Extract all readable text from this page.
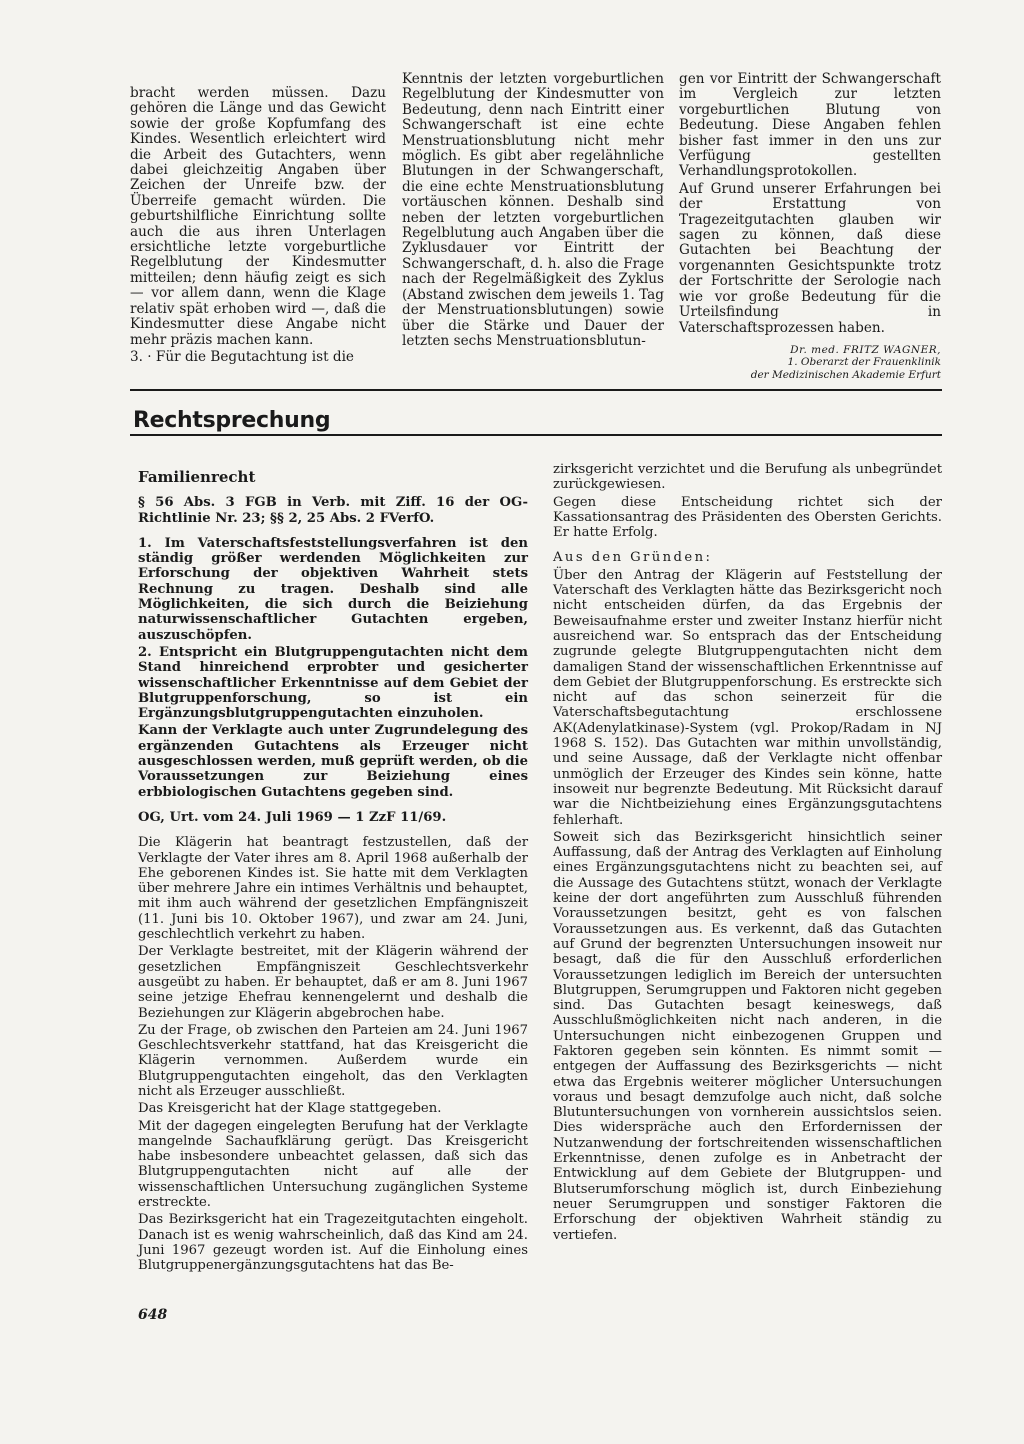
bracht werden müssen. Dazu gehören die Länge und das Gewicht sowie der große Kopfumfang des Kindes. Wesentlich erleichtert wird die Arbeit des Gutachters, wenn dabei gleichzeitig Angaben über Zeichen der Unreife bzw. der Überreife gemacht würden. Die geburtshilfliche Einrichtung sollte auch die aus ihren Unterlagen ersichtliche letzte vorgeburtliche Regelblutung der Kindesmutter mitteilen; denn häufig zeigt es sich — vor allem dann, wenn die Klage relativ spät erhoben wird —, daß die Kindesmutter diese Angabe nicht mehr präzis machen kann.

3. · Für die Begutachtung ist die

Kenntnis der letzten vorgeburtlichen Regelblutung der Kindesmutter von Bedeutung, denn nach Eintritt einer Schwangerschaft ist eine echte Menstruationsblutung nicht mehr möglich. Es gibt aber regelähnliche Blutungen in der Schwangerschaft, die eine echte Menstruationsblutung vortäuschen können. Deshalb sind neben der letzten vorgeburtlichen Regelblutung auch Angaben über die Zyklusdauer vor Eintritt der Schwangerschaft, d. h. also die Frage nach der Regelmäßigkeit des Zyklus (Abstand zwischen dem jeweils 1. Tag der Menstruationsblutungen) sowie über die Stärke und Dauer der letzten sechs Menstruationsblutun-

gen vor Eintritt der Schwangerschaft im Vergleich zur letzten vorgeburtlichen Blutung von Bedeutung. Diese Angaben fehlen bisher fast immer in den uns zur Verfügung gestellten Verhandlungsprotokollen.

Auf Grund unserer Erfahrungen bei der Erstattung von Tragezeitgutachten glauben wir sagen zu können, daß diese Gutachten bei Beachtung der vorgenannten Gesichtspunkte trotz der Fortschritte der Serologie nach wie vor große Bedeutung für die Urteilsfindung in Vaterschaftsprozessen haben.

Dr. med. FRITZ WAGNER,
1. Oberarzt der Frauenklinik
der Medizinischen Akademie Erfurt
Rechtsprechung

Familienrecht

§ 56 Abs. 3 FGB in Verb. mit Ziff. 16 der OG-Richtlinie Nr. 23; §§ 2, 25 Abs. 2 FVerfO.

1. Im Vaterschaftsfeststellungsverfahren ist den ständig größer werdenden Möglichkeiten zur Erforschung der objektiven Wahrheit stets Rechnung zu tragen. Deshalb sind alle Möglichkeiten, die sich durch die Beiziehung naturwissenschaftlicher Gutachten ergeben, auszuschöpfen.

2. Entspricht ein Blutgruppengutachten nicht dem Stand hinreichend erprobter und gesicherter wissenschaftlicher Erkenntnisse auf dem Gebiet der Blutgruppenforschung, so ist ein Ergänzungsblutgruppengutachten einzuholen.

Kann der Verklagte auch unter Zugrundelegung des ergänzenden Gutachtens als Erzeuger nicht ausgeschlossen werden, muß geprüft werden, ob die Voraussetzungen zur Beiziehung eines erbbiologischen Gutachtens gegeben sind.

OG, Urt. vom 24. Juli 1969 — 1 ZzF 11/69.

Die Klägerin hat beantragt festzustellen, daß der Verklagte der Vater ihres am 8. April 1968 außerhalb der Ehe geborenen Kindes ist. Sie hatte mit dem Verklagten über mehrere Jahre ein intimes Verhältnis und behauptet, mit ihm auch während der gesetzlichen Empfängniszeit (11. Juni bis 10. Oktober 1967), und zwar am 24. Juni, geschlechtlich verkehrt zu haben.

Der Verklagte bestreitet, mit der Klägerin während der gesetzlichen Empfängniszeit Geschlechtsverkehr ausgeübt zu haben. Er behauptet, daß er am 8. Juni 1967 seine jetzige Ehefrau kennengelernt und deshalb die Beziehungen zur Klägerin abgebrochen habe.

Zu der Frage, ob zwischen den Parteien am 24. Juni 1967 Geschlechtsverkehr stattfand, hat das Kreisgericht die Klägerin vernommen. Außerdem wurde ein Blutgruppengutachten eingeholt, das den Verklagten nicht als Erzeuger ausschließt.

Das Kreisgericht hat der Klage stattgegeben.

Mit der dagegen eingelegten Berufung hat der Verklagte mangelnde Sachaufklärung gerügt. Das Kreisgericht habe insbesondere unbeachtet gelassen, daß sich das Blutgruppengutachten nicht auf alle der wissenschaftlichen Untersuchung zugänglichen Systeme erstreckte.

Das Bezirksgericht hat ein Tragezeitgutachten eingeholt. Danach ist es wenig wahrscheinlich, daß das Kind am 24. Juni 1967 gezeugt worden ist. Auf die Einholung eines Blutgruppenergänzungsgutachtens hat das Be-

zirksgericht verzichtet und die Berufung als unbegründet zurückgewiesen.

Gegen diese Entscheidung richtet sich der Kassationsantrag des Präsidenten des Obersten Gerichts. Er hatte Erfolg.

Aus den Gründen:

Über den Antrag der Klägerin auf Feststellung der Vaterschaft des Verklagten hätte das Bezirksgericht noch nicht entscheiden dürfen, da das Ergebnis der Beweisaufnahme erster und zweiter Instanz hierfür nicht ausreichend war. So entsprach das der Entscheidung zugrunde gelegte Blutgruppengutachten nicht dem damaligen Stand der wissenschaftlichen Erkenntnisse auf dem Gebiet der Blutgruppenforschung. Es erstreckte sich nicht auf das schon seinerzeit für die Vaterschaftsbegutachtung erschlossene AK(Adenylatkinase)-System (vgl. Prokop/Radam in NJ 1968 S. 152). Das Gutachten war mithin unvollständig, und seine Aussage, daß der Verklagte nicht offenbar unmöglich der Erzeuger des Kindes sein könne, hatte insoweit nur begrenzte Bedeutung. Mit Rücksicht darauf war die Nichtbeiziehung eines Ergänzungsgutachtens fehlerhaft.

Soweit sich das Bezirksgericht hinsichtlich seiner Auffassung, daß der Antrag des Verklagten auf Einholung eines Ergänzungsgutachtens nicht zu beachten sei, auf die Aussage des Gutachtens stützt, wonach der Verklagte keine der dort angeführten zum Ausschluß führenden Voraussetzungen besitzt, geht es von falschen Voraussetzungen aus. Es verkennt, daß das Gutachten auf Grund der begrenzten Untersuchungen insoweit nur besagt, daß die für den Ausschluß erforderlichen Voraussetzungen lediglich im Bereich der untersuchten Blutgruppen, Serumgruppen und Faktoren nicht gegeben sind. Das Gutachten besagt keineswegs, daß Ausschlußmöglichkeiten nicht nach anderen, in die Untersuchungen nicht einbezogenen Gruppen und Faktoren gegeben sein könnten. Es nimmt somit — entgegen der Auffassung des Bezirksgerichts — nicht etwa das Ergebnis weiterer möglicher Untersuchungen voraus und besagt demzufolge auch nicht, daß solche Blutuntersuchungen von vornherein aussichtslos seien. Dies widerspräche auch den Erfordernissen der Nutzanwendung der fortschreitenden wissenschaftlichen Erkenntnisse, denen zufolge es in Anbetracht der Entwicklung auf dem Gebiete der Blutgruppen- und Blutserumforschung möglich ist, durch Einbeziehung neuer Serumgruppen und sonstiger Faktoren die Erforschung der objektiven Wahrheit ständig zu vertiefen.

648
